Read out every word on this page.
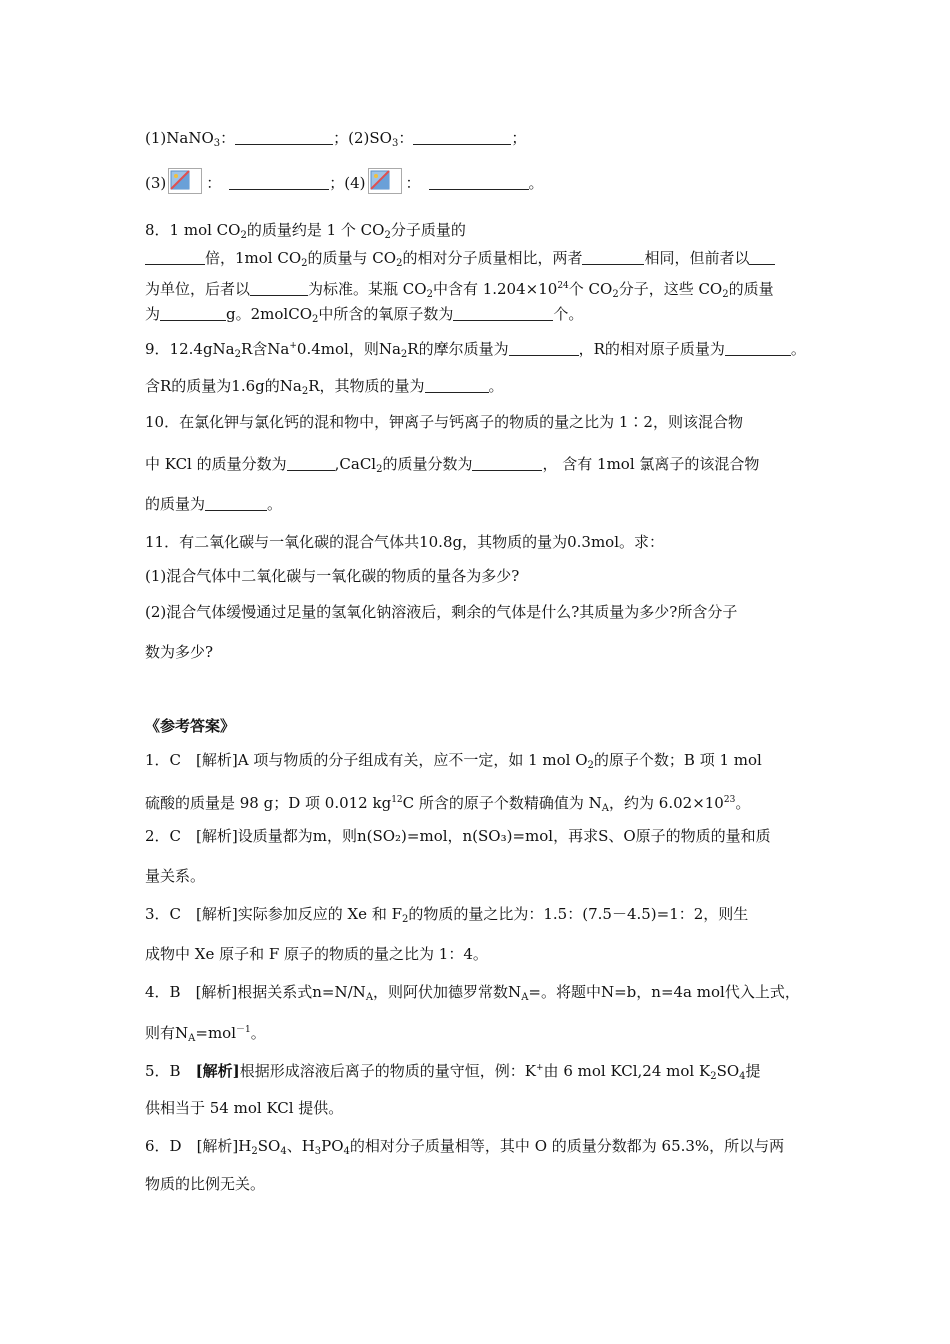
(1)NaNO$_3$：	；$(2)SO_3$：	；
(3)	：	；(4)	：	。
8．1 mol $CO_2$的质量约是 1 个 $CO_2$分子质量的
倍，1mol $CO_2$的质量与 $CO_2$的相对分子质量相比，两者	相同，但前者以
为单位，后者以	为标准。某瓶 $CO_2$中含有 $1.204\times 10^{24}$个 $CO_2$分子，这些 $CO_2$的质量
为	g。2molCO$_2$中所含的氧原子数为	个。
9．12.4gNa$_2$R含Na+0.4mol，则$Na_2R$的摩尔质量为	，R的相对原子质量为	。
含R的质量为1.6g的$Na_2R$，其物质的量为	。
10．在氯化钾与氯化钙的混和物中，钾离子与钙离子的物质的量之比为 1∶2，则该混合物
中 KCl 的质量分数为	,CaCl$_2$的质量分数为	， 含有 1mol 氯离子的该混合物
的质量为	。
11．有二氧化碳与一氧化碳的混合气体共10.8g，其物质的量为0.3mol。求：
(1)混合气体中二氧化碳与一氧化碳的物质的量各为多少?
(2)混合气体缓慢通过足量的氢氧化钠溶液后，剩余的气体是什么?其质量为多少?所含分子
数为多少?
《参考答案》
1．C　[解析]A 项与物质的分子组成有关，应不一定，如 1 mol $O_2$的原子个数；B 项 1 mol
硫酸的质量是 98 g；D 项 0.012 $kg^{12}C$ 所含的原子个数精确值为 $N_A$，约为 $6.02\times 10^{23}$。
2．C　[解析]设质量都为m，则n(SO₂)=mol，n(SO₃)=mol，再求S、O原子的物质的量和质
量关系。
3．C　[解析]实际参加反应的 Xe 和 $F_2$的物质的量之比为：1.5：(7.5－4.5)=1：2，则生
成物中 Xe 原子和 F 原子的物质的量之比为 1：4。
4．B　[解析]根据关系式$n=N/N_A$，则阿伏加德罗常数$N_A=$。将题中N=b，n=4a mol代入上式，
则有$N_A=mol^{-1}$。
5．B　[解析]根据形成溶液后离子的物质的量守恒，例：K+由 6 mol KCl,24 mol $K_2SO_4$提
供相当于 54 mol KCl 提供。
6．D　[解析]$H_2SO_4$、$H_3PO_4$的相对分子质量相等，其中 O 的质量分数都为 65.3%，所以与两
物质的比例无关。
